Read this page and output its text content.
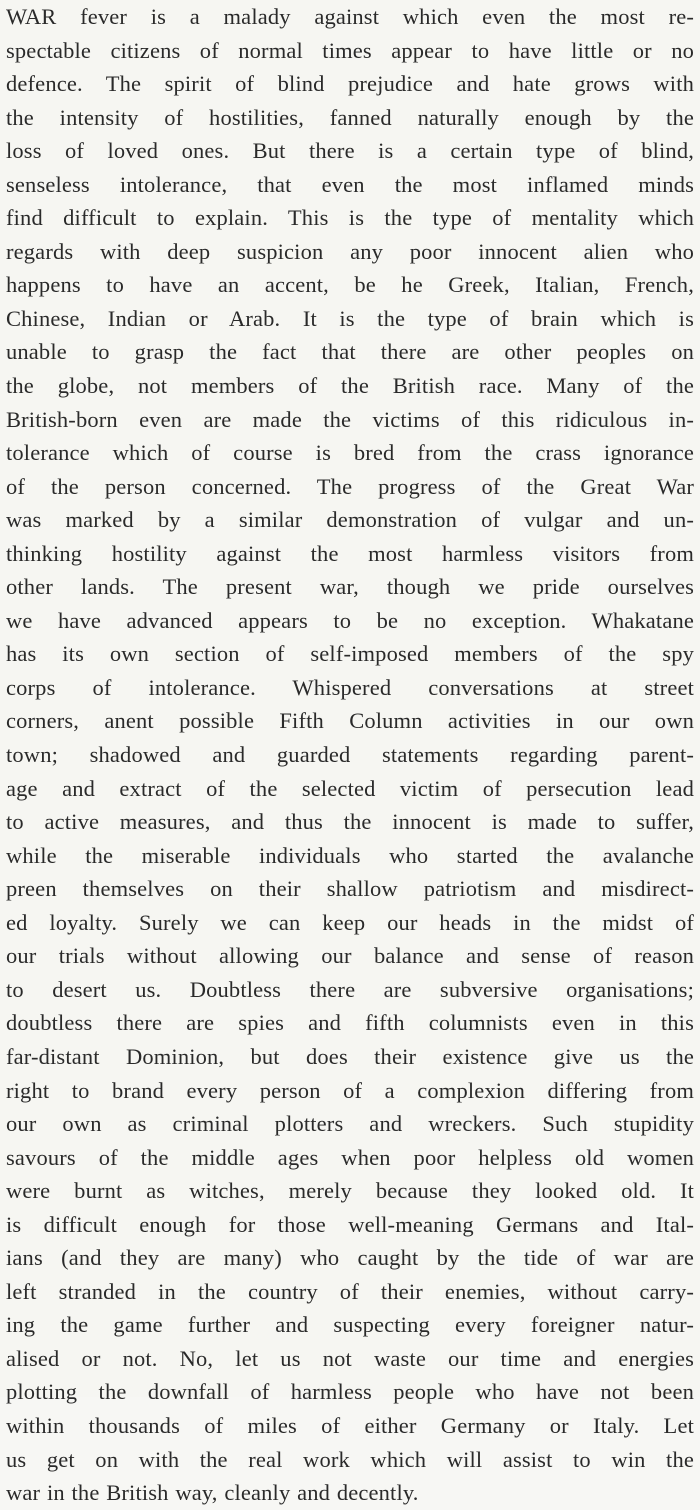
WAR fever is a malady against which even the most re-
spectable citizens of normal times appear to have little or no
defence. The spirit of blind prejudice and hate grows with
the intensity of hostilities, fanned naturally enough by the
loss of loved ones. But there is a certain type of blind,
senseless intolerance, that even the most inflamed minds
find difficult to explain. This is the type of mentality which
regards with deep suspicion any poor innocent alien who
happens to have an accent, be he Greek, Italian, French,
Chinese, Indian or Arab. It is the type of brain which is
unable to grasp the fact that there are other peoples on
the globe, not members of the British race. Many of the
British-born even are made the victims of this ridiculous in-
tolerance which of course is bred from the crass ignorance
of the person concerned. The progress of the Great War
was marked by a similar demonstration of vulgar and un-
thinking hostility against the most harmless visitors from
other lands. The present war, though we pride ourselves
we have advanced appears to be no exception. Whakatane
has its own section of self-imposed members of the spy
corps of intolerance. Whispered conversations at street
corners, anent possible Fifth Column activities in our own
town; shadowed and guarded statements regarding parent-
age and extract of the selected victim of persecution lead
to active measures, and thus the innocent is made to suffer,
while the miserable individuals who started the avalanche
preen themselves on their shallow patriotism and misdirect-
ed loyalty. Surely we can keep our heads in the midst of
our trials without allowing our balance and sense of reason
to desert us. Doubtless there are subversive organisations;
doubtless there are spies and fifth columnists even in this
far-distant Dominion, but does their existence give us the
right to brand every person of a complexion differing from
our own as criminal plotters and wreckers. Such stupidity
savours of the middle ages when poor helpless old women
were burnt as witches, merely because they looked old. It
is difficult enough for those well-meaning Germans and Ital-
ians (and they are many) who caught by the tide of war are
left stranded in the country of their enemies, without carry-
ing the game further and suspecting every foreigner natur-
alised or not. No, let us not waste our time and energies
plotting the downfall of harmless people who have not been
within thousands of miles of either Germany or Italy. Let
us get on with the real work which will assist to win the
war in the British way, cleanly and decently.
